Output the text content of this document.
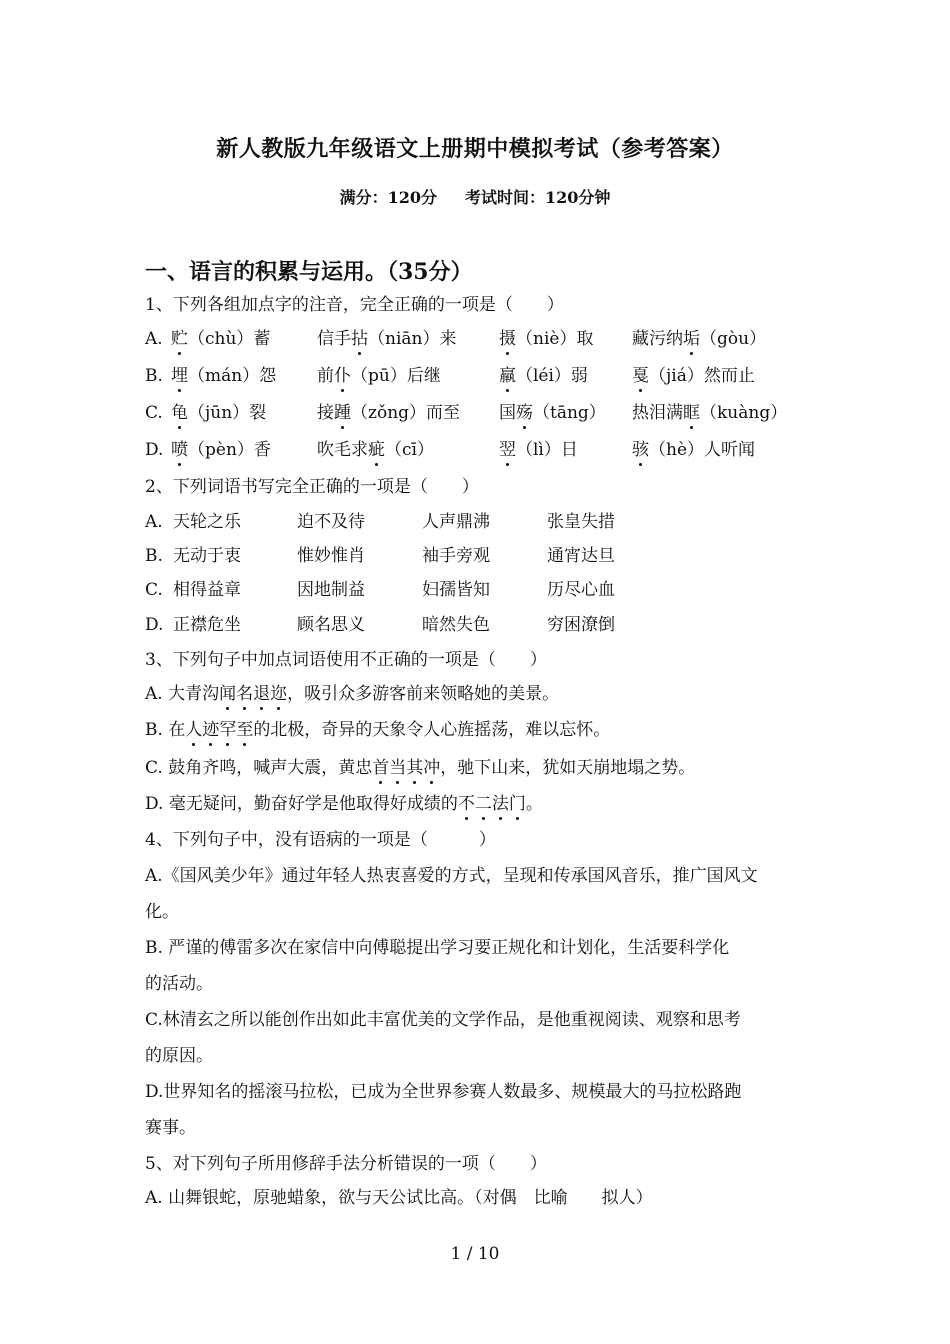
新人教版九年级语文上册期中模拟考试（参考答案）
满分：120分 考试时间：120分钟
一、语言的积累与运用。（35分）
1、下列各组加点字的注音，完全正确的一项是（　　）
A. 贮（chù）蓄	信手拈（niān）来	摄（niè）取 藏污纳垢（gòu）
B. 埋（mán）怨 前仆（pū）后继	羸（léi）弱	戛（jiá）然而止
C. 龟（jūn）裂	接踵（zǒng）而至 国殇（tāng） 热泪满眶（kuàng）
D. 喷（pèn）香	吹毛求疵（cī）	翌（lì）日	骇（hè）人听闻
2、下列词语书写完全正确的一项是（　　）
A. 天轮之乐	迫不及待	人声鼎沸	张皇失措
B. 无动于衷	惟妙惟肖	袖手旁观	通宵达旦
C. 相得益章	因地制益	妇孺皆知	历尽心血
D. 正襟危坐	顾名思义	暗然失色	穷困潦倒
3、下列句子中加点词语使用不正确的一项是（　　）
A. 大青沟闻名退迩，吸引众多游客前来领略她的美景。
B. 在人迹罕至的北极，奇异的天象令人心旌摇荡，难以忘怀。
C. 鼓角齐鸣，喊声大震，黄忠首当其冲，驰下山来，犹如天崩地塌之势。
D. 毫无疑问，勤奋好学是他取得好成绩的不二法门。
4、下列句子中，没有语病的一项是（　　　）
A.《国风美少年》通过年轻人热衷喜爱的方式，呈现和传承国风音乐，推广国风文
化。
B. 严谨的傅雷多次在家信中向傅聪提出学习要正规化和计划化，生活要科学化
的活动。
C.林清玄之所以能创作出如此丰富优美的文学作品，是他重视阅读、观察和思考
的原因。
D.世界知名的摇滚马拉松，已成为全世界参赛人数最多、规模最大的马拉松路跑
赛事。
5、对下列句子所用修辞手法分析错误的一项（　　）
A. 山舞银蛇，原驰蜡象，欲与天公试比高。（对偶　比喻　　拟人）
1 / 10
